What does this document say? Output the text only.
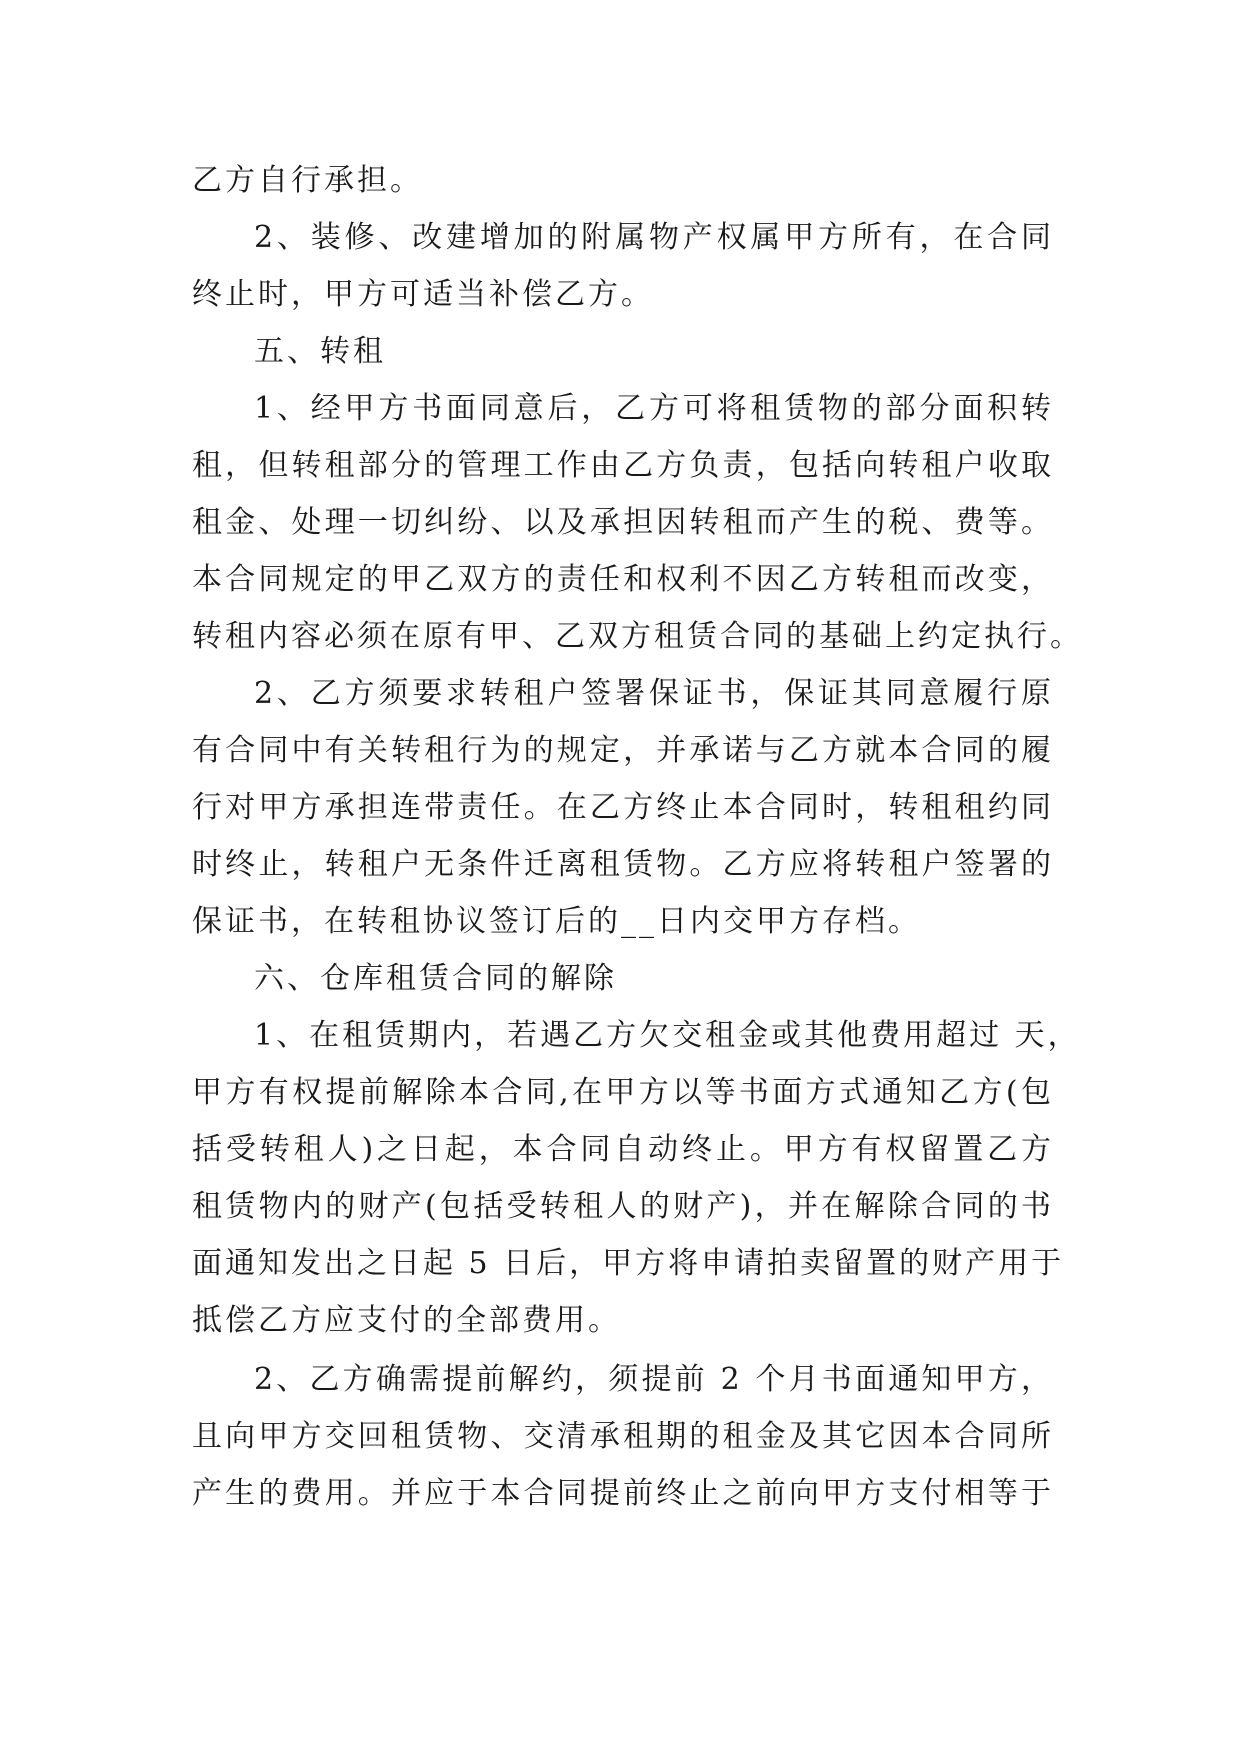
乙方自行承担。
2、装修、改建增加的附属物产权属甲方所有，在合同
终止时，甲方可适当补偿乙方。
五、转租
1、经甲方书面同意后，乙方可将租赁物的部分面积转
租，但转租部分的管理工作由乙方负责，包括向转租户收取
租金、处理一切纠纷、以及承担因转租而产生的税、费等。
本合同规定的甲乙双方的责任和权利不因乙方转租而改变，
转租内容必须在原有甲、乙双方租赁合同的基础上约定执行。
2、乙方须要求转租户签署保证书，保证其同意履行原
有合同中有关转租行为的规定，并承诺与乙方就本合同的履
行对甲方承担连带责任。在乙方终止本合同时，转租租约同
时终止，转租户无条件迁离租赁物。乙方应将转租户签署的
保证书，在转租协议签订后的__日内交甲方存档。
六、仓库租赁合同的解除
1、在租赁期内，若遇乙方欠交租金或其他费用超过 天，
甲方有权提前解除本合同,在甲方以等书面方式通知乙方(包
括受转租人)之日起，本合同自动终止。甲方有权留置乙方
租赁物内的财产(包括受转租人的财产)，并在解除合同的书
面通知发出之日起 5 日后，甲方将申请拍卖留置的财产用于
抵偿乙方应支付的全部费用。
2、乙方确需提前解约，须提前 2 个月书面通知甲方，
且向甲方交回租赁物、交清承租期的租金及其它因本合同所
产生的费用。并应于本合同提前终止之前向甲方支付相等于
